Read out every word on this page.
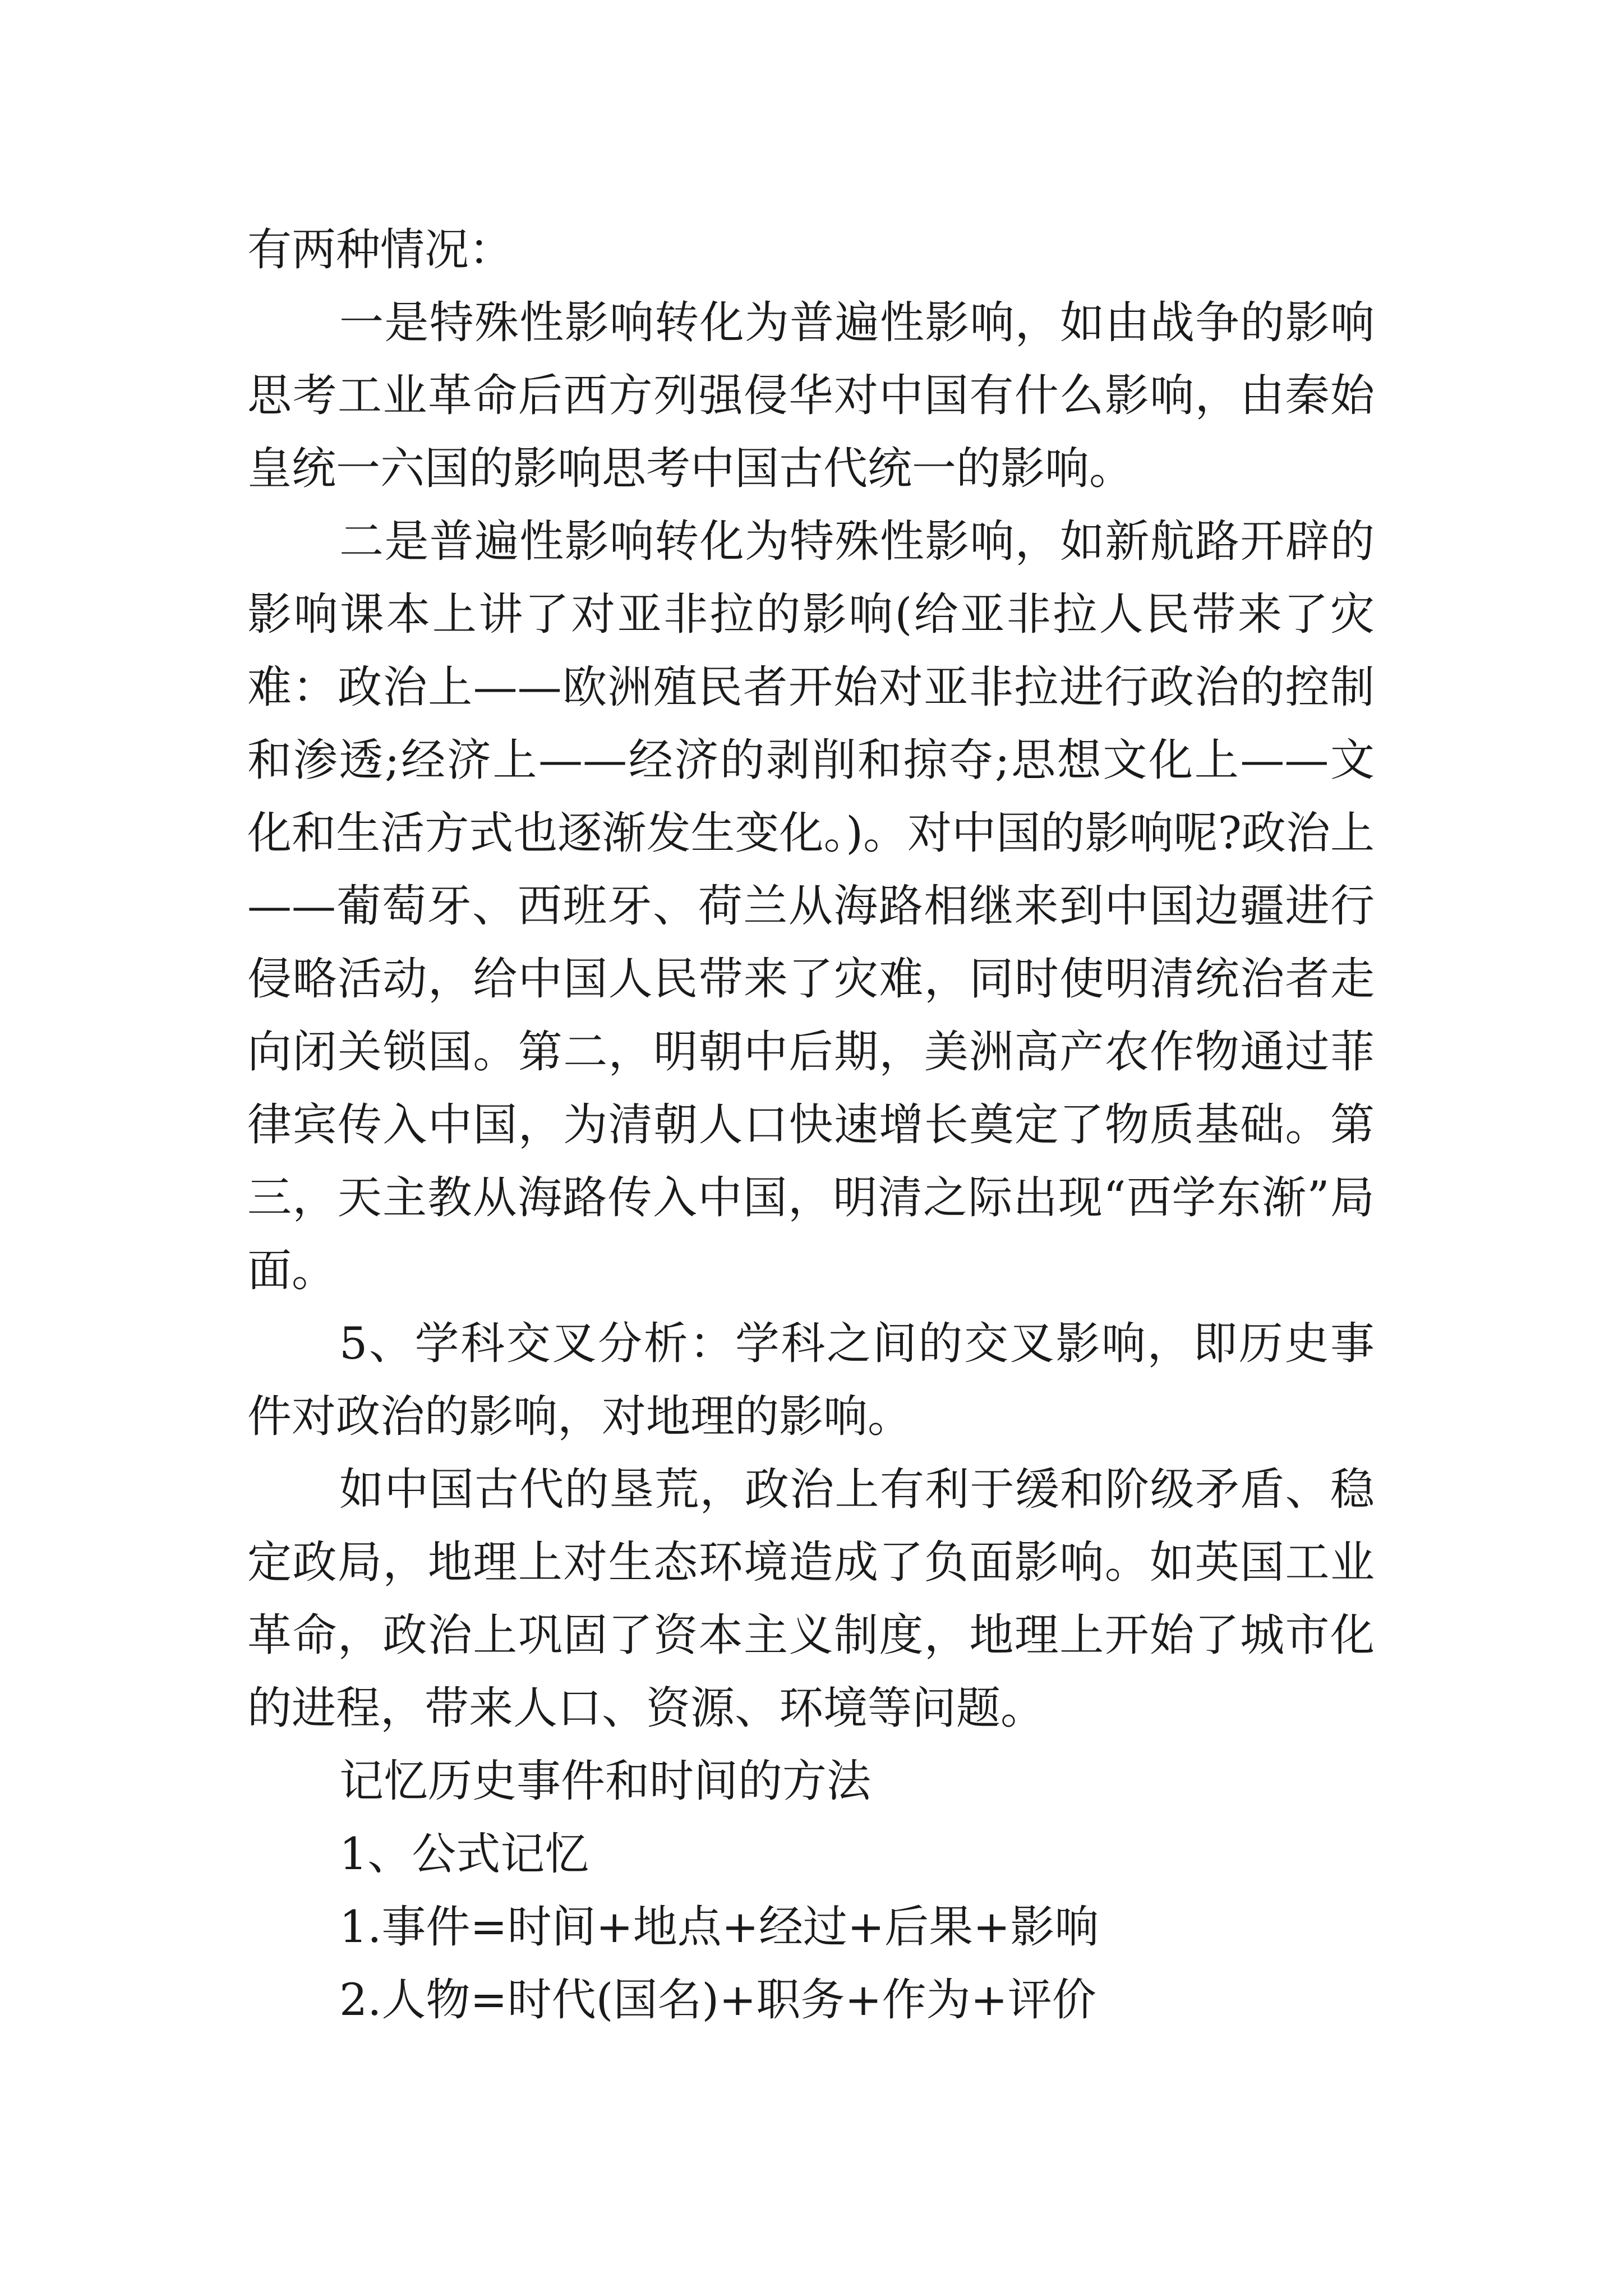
有两种情况：

一是特殊性影响转化为普遍性影响，如由战争的影响思考工业革命后西方列强侵华对中国有什么影响，由秦始皇统一六国的影响思考中国古代统一的影响。

二是普遍性影响转化为特殊性影响，如新航路开辟的影响课本上讲了对亚非拉的影响(给亚非拉人民带来了灾难：政治上——欧洲殖民者开始对亚非拉进行政治的控制和渗透;经济上——经济的剥削和掠夺;思想文化上——文化和生活方式也逐渐发生变化。)。对中国的影响呢?政治上——葡萄牙、西班牙、荷兰从海路相继来到中国边疆进行侵略活动，给中国人民带来了灾难，同时使明清统治者走向闭关锁国。第二，明朝中后期，美洲高产农作物通过菲律宾传入中国，为清朝人口快速增长奠定了物质基础。第三，天主教从海路传入中国，明清之际出现“西学东渐”局面。

5、学科交叉分析：学科之间的交叉影响，即历史事件对政治的影响，对地理的影响。

如中国古代的垦荒，政治上有利于缓和阶级矛盾、稳定政局，地理上对生态环境造成了负面影响。如英国工业革命，政治上巩固了资本主义制度，地理上开始了城市化的进程，带来人口、资源、环境等问题。

记忆历史事件和时间的方法

1、公式记忆

1.事件=时间+地点+经过+后果+影响

2.人物=时代(国名)+职务+作为+评价
